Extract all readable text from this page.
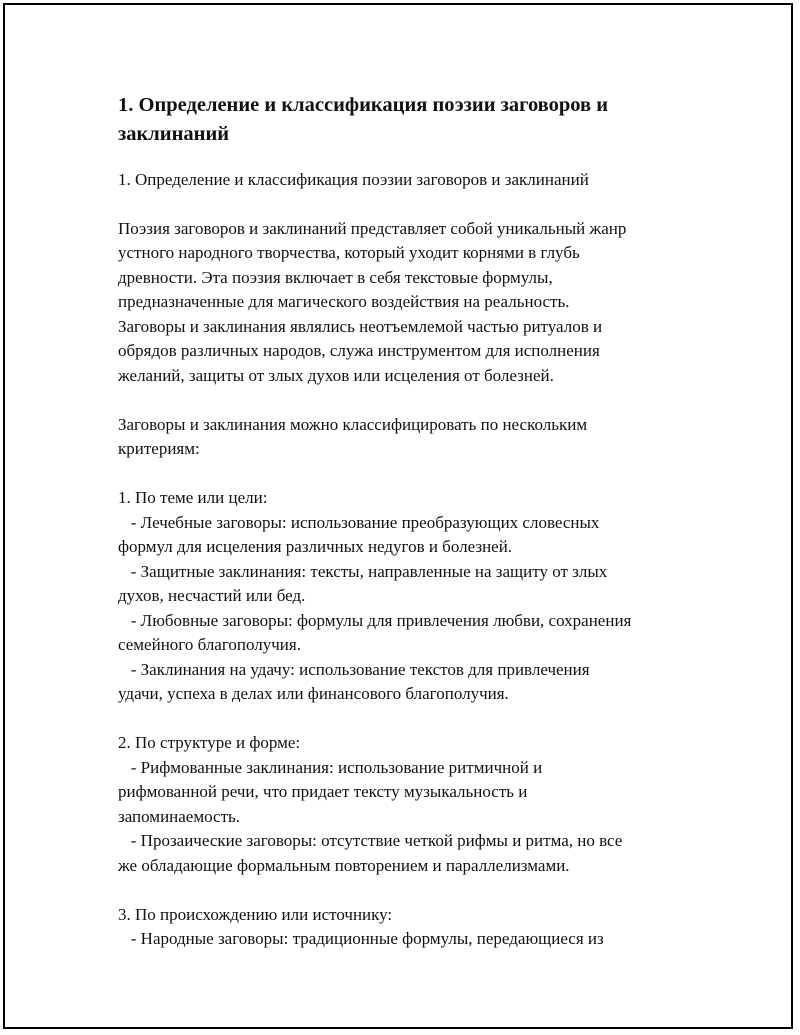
1. Определение и классификация поэзии заговоров и
заклинаний
1. Определение и классификация поэзии заговоров и заклинаний
Поэзия заговоров и заклинаний представляет собой уникальный жанр
устного народного творчества, который уходит корнями в глубь
древности. Эта поэзия включает в себя текстовые формулы,
предназначенные для магического воздействия на реальность.
Заговоры и заклинания являлись неотъемлемой частью ритуалов и
обрядов различных народов, служа инструментом для исполнения
желаний, защиты от злых духов или исцеления от болезней.
Заговоры и заклинания можно классифицировать по нескольким
критериям:
1. По теме или цели:
- Лечебные заговоры: использование преобразующих словесных
формул для исцеления различных недугов и болезней.
- Защитные заклинания: тексты, направленные на защиту от злых
духов, несчастий или бед.
- Любовные заговоры: формулы для привлечения любви, сохранения
семейного благополучия.
- Заклинания на удачу: использование текстов для привлечения
удачи, успеха в делах или финансового благополучия.
2. По структуре и форме:
- Рифмованные заклинания: использование ритмичной и
рифмованной речи, что придает тексту музыкальность и
запоминаемость.
- Прозаические заговоры: отсутствие четкой рифмы и ритма, но все
же обладающие формальным повторением и параллелизмами.
3. По происхождению или источнику:
- Народные заговоры: традиционные формулы, передающиеся из
